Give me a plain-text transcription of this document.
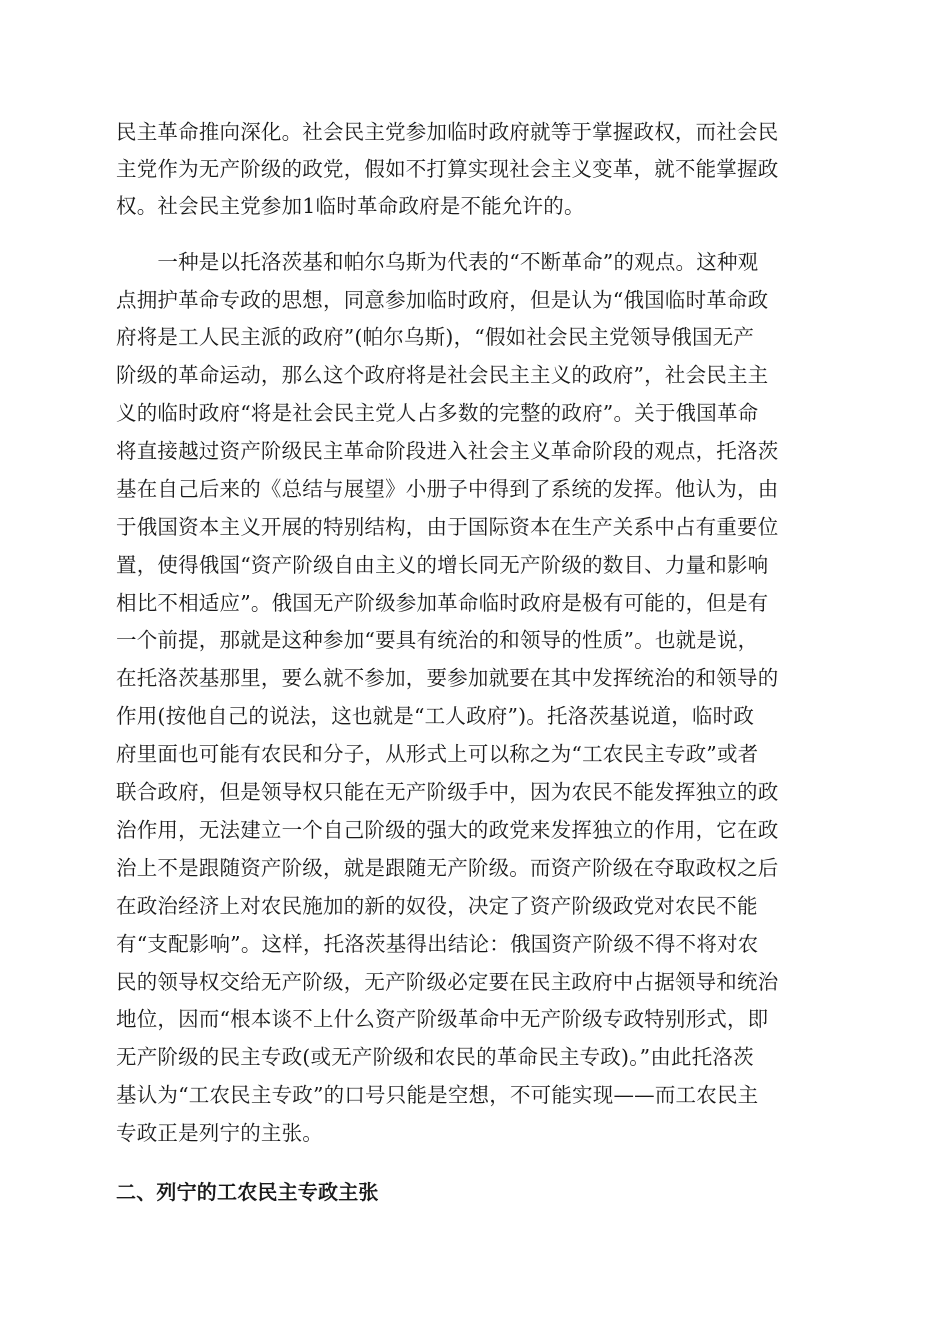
民主革命推向深化。社会民主党参加临时政府就等于掌握政权，而社会民
主党作为无产阶级的政党，假如不打算实现社会主义变革，就不能掌握政
权。社会民主党参加1临时革命政府是不能允许的。
　　一种是以托洛茨基和帕尔乌斯为代表的“不断革命”的观点。这种观
点拥护革命专政的思想，同意参加临时政府，但是认为“俄国临时革命政
府将是工人民主派的政府”(帕尔乌斯)，“假如社会民主党领导俄国无产
阶级的革命运动，那么这个政府将是社会民主主义的政府”，社会民主主
义的临时政府“将是社会民主党人占多数的完整的政府”。关于俄国革命
将直接越过资产阶级民主革命阶段进入社会主义革命阶段的观点，托洛茨
基在自己后来的《总结与展望》小册子中得到了系统的发挥。他认为，由
于俄国资本主义开展的特别结构，由于国际资本在生产关系中占有重要位
置，使得俄国“资产阶级自由主义的增长同无产阶级的数目、力量和影响
相比不相适应”。俄国无产阶级参加革命临时政府是极有可能的，但是有
一个前提，那就是这种参加“要具有统治的和领导的性质”。也就是说，
在托洛茨基那里，要么就不参加，要参加就要在其中发挥统治的和领导的
作用(按他自己的说法，这也就是“工人政府”)。托洛茨基说道，临时政
府里面也可能有农民和分子，从形式上可以称之为“工农民主专政”或者
联合政府，但是领导权只能在无产阶级手中，因为农民不能发挥独立的政
治作用，无法建立一个自己阶级的强大的政党来发挥独立的作用，它在政
治上不是跟随资产阶级，就是跟随无产阶级。而资产阶级在夺取政权之后
在政治经济上对农民施加的新的奴役，决定了资产阶级政党对农民不能
有“支配影响”。这样，托洛茨基得出结论：俄国资产阶级不得不将对农
民的领导权交给无产阶级，无产阶级必定要在民主政府中占据领导和统治
地位，因而“根本谈不上什么资产阶级革命中无产阶级专政特别形式，即
无产阶级的民主专政(或无产阶级和农民的革命民主专政)。”由此托洛茨
基认为“工农民主专政”的口号只能是空想，不可能实现——而工农民主
专政正是列宁的主张。
二、列宁的工农民主专政主张
